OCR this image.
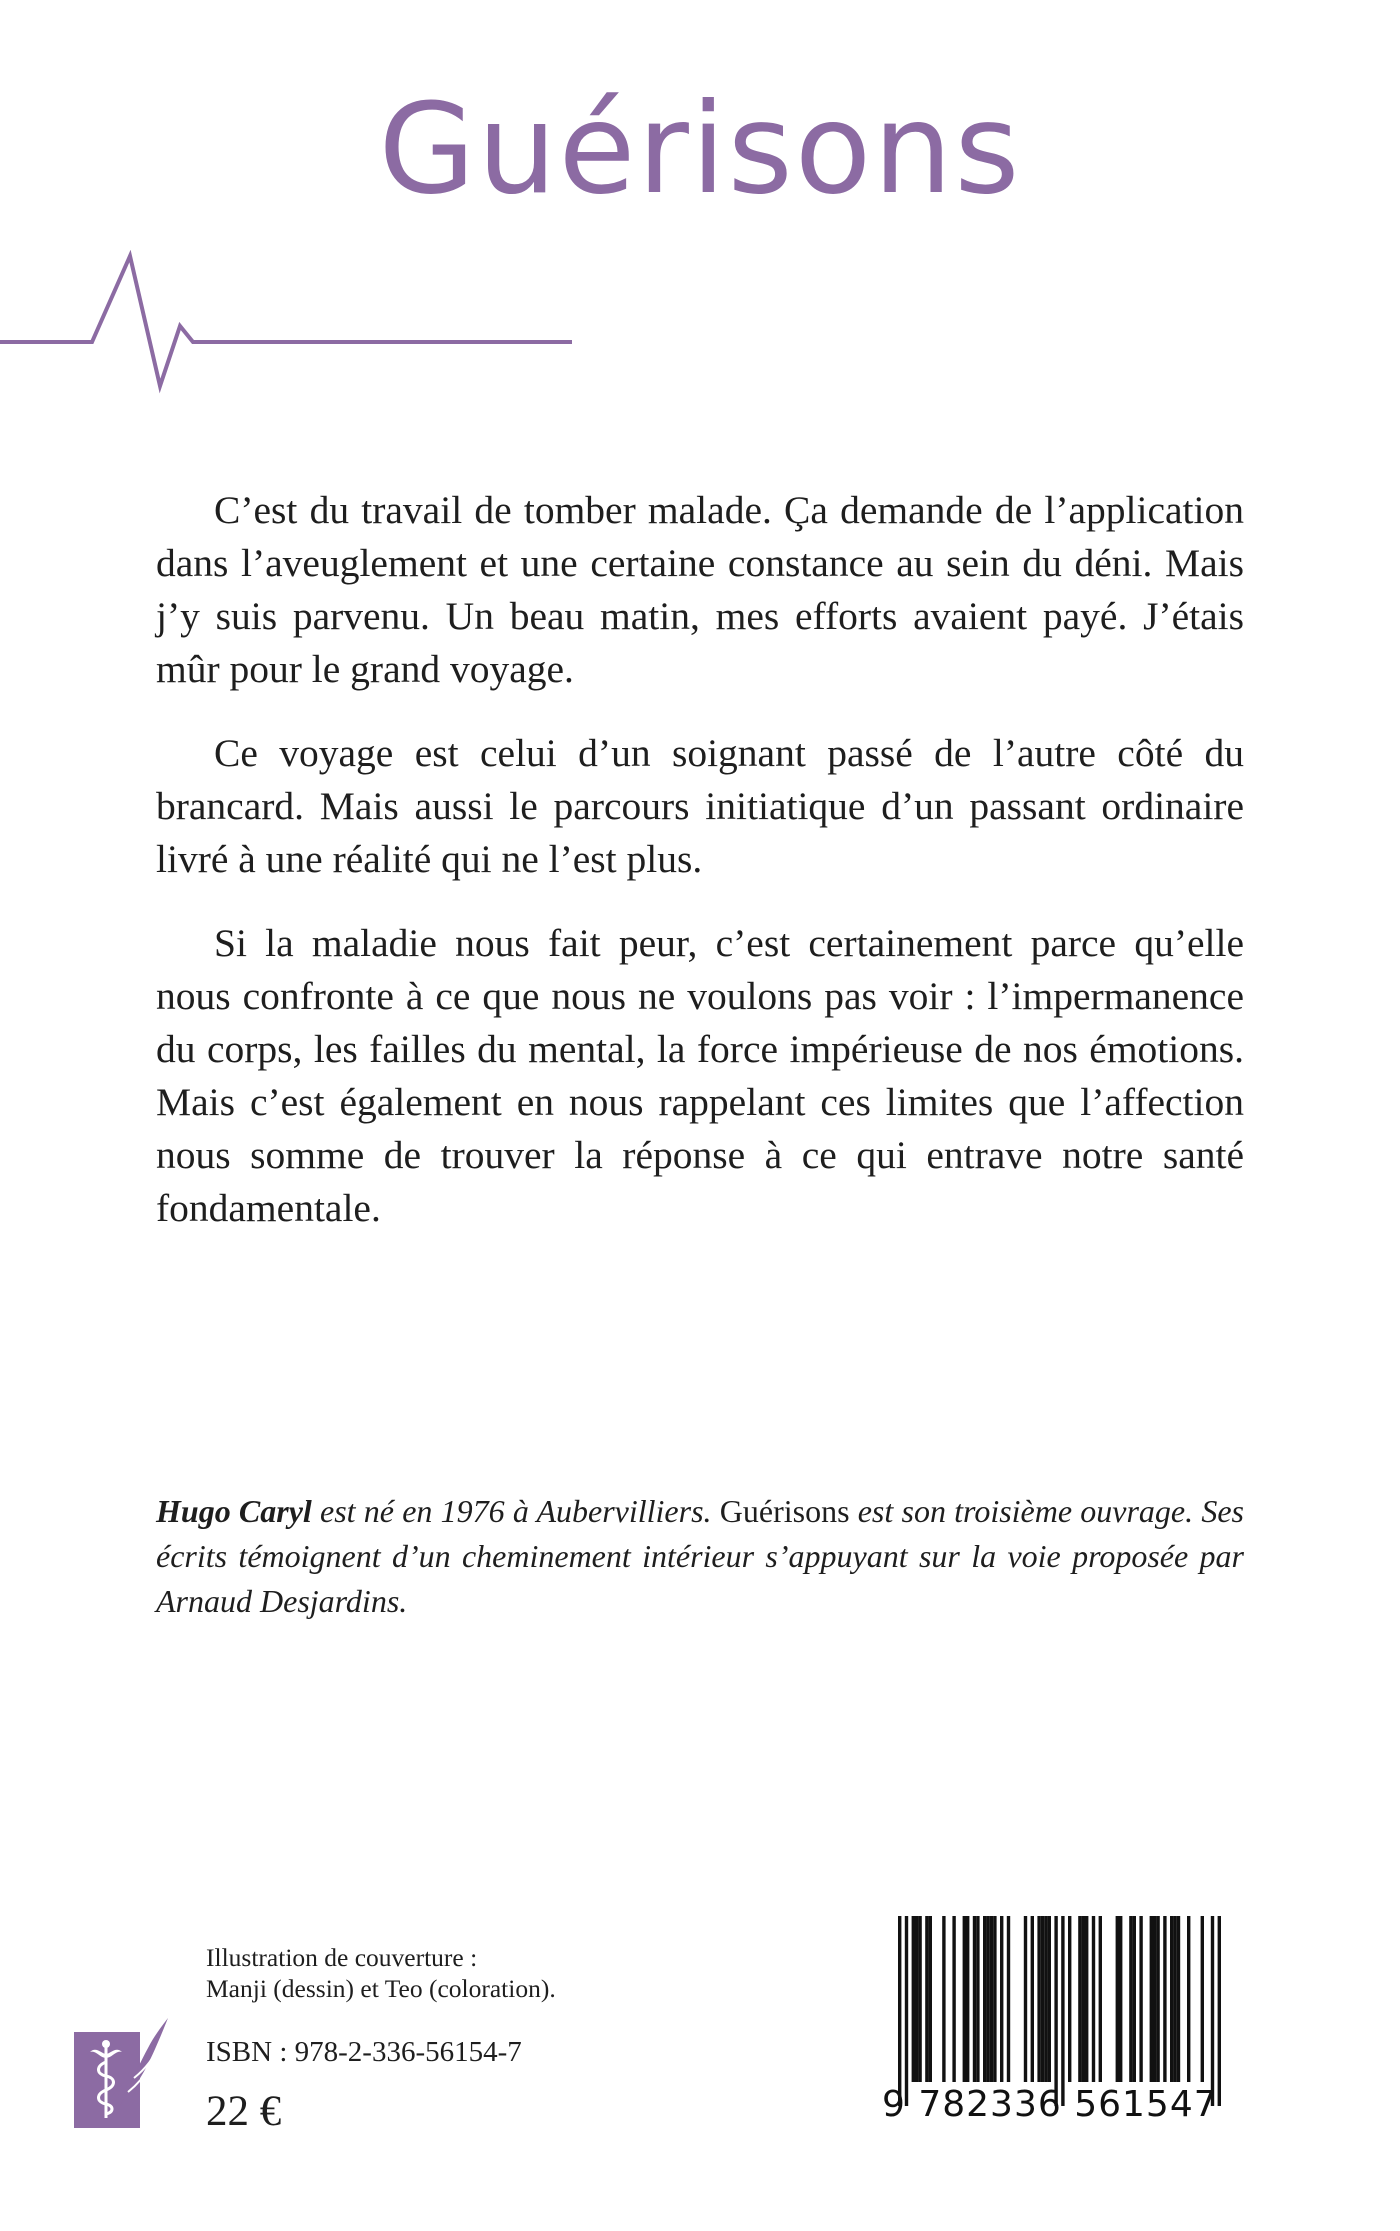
Guérisons

C’est du travail de tomber malade. Ça demande de l’application dans l’aveuglement et une certaine constance au sein du déni. Mais j’y suis parvenu. Un beau matin, mes efforts avaient payé. J’étais mûr pour le grand voyage.

Ce voyage est celui d’un soignant passé de l’autre côté du brancard. Mais aussi le parcours initiatique d’un passant ordinaire livré à une réalité qui ne l’est plus.

Si la maladie nous fait peur, c’est certainement parce qu’elle nous confronte à ce que nous ne voulons pas voir : l’impermanence du corps, les failles du mental, la force impérieuse de nos émotions. Mais c’est également en nous rappelant ces limites que l’affection nous somme de trouver la réponse à ce qui entrave notre santé fondamentale.

Hugo Caryl est né en 1976 à Aubervilliers. Guérisons est son troisième ouvrage. Ses écrits témoignent d’un cheminement intérieur s’appuyant sur la voie proposée par Arnaud Desjardins.
Illustration de couverture :
Manji (dessin) et Teo (coloration).
ISBN : 978-2-336-56154-7
22 €	9 782336 561547
